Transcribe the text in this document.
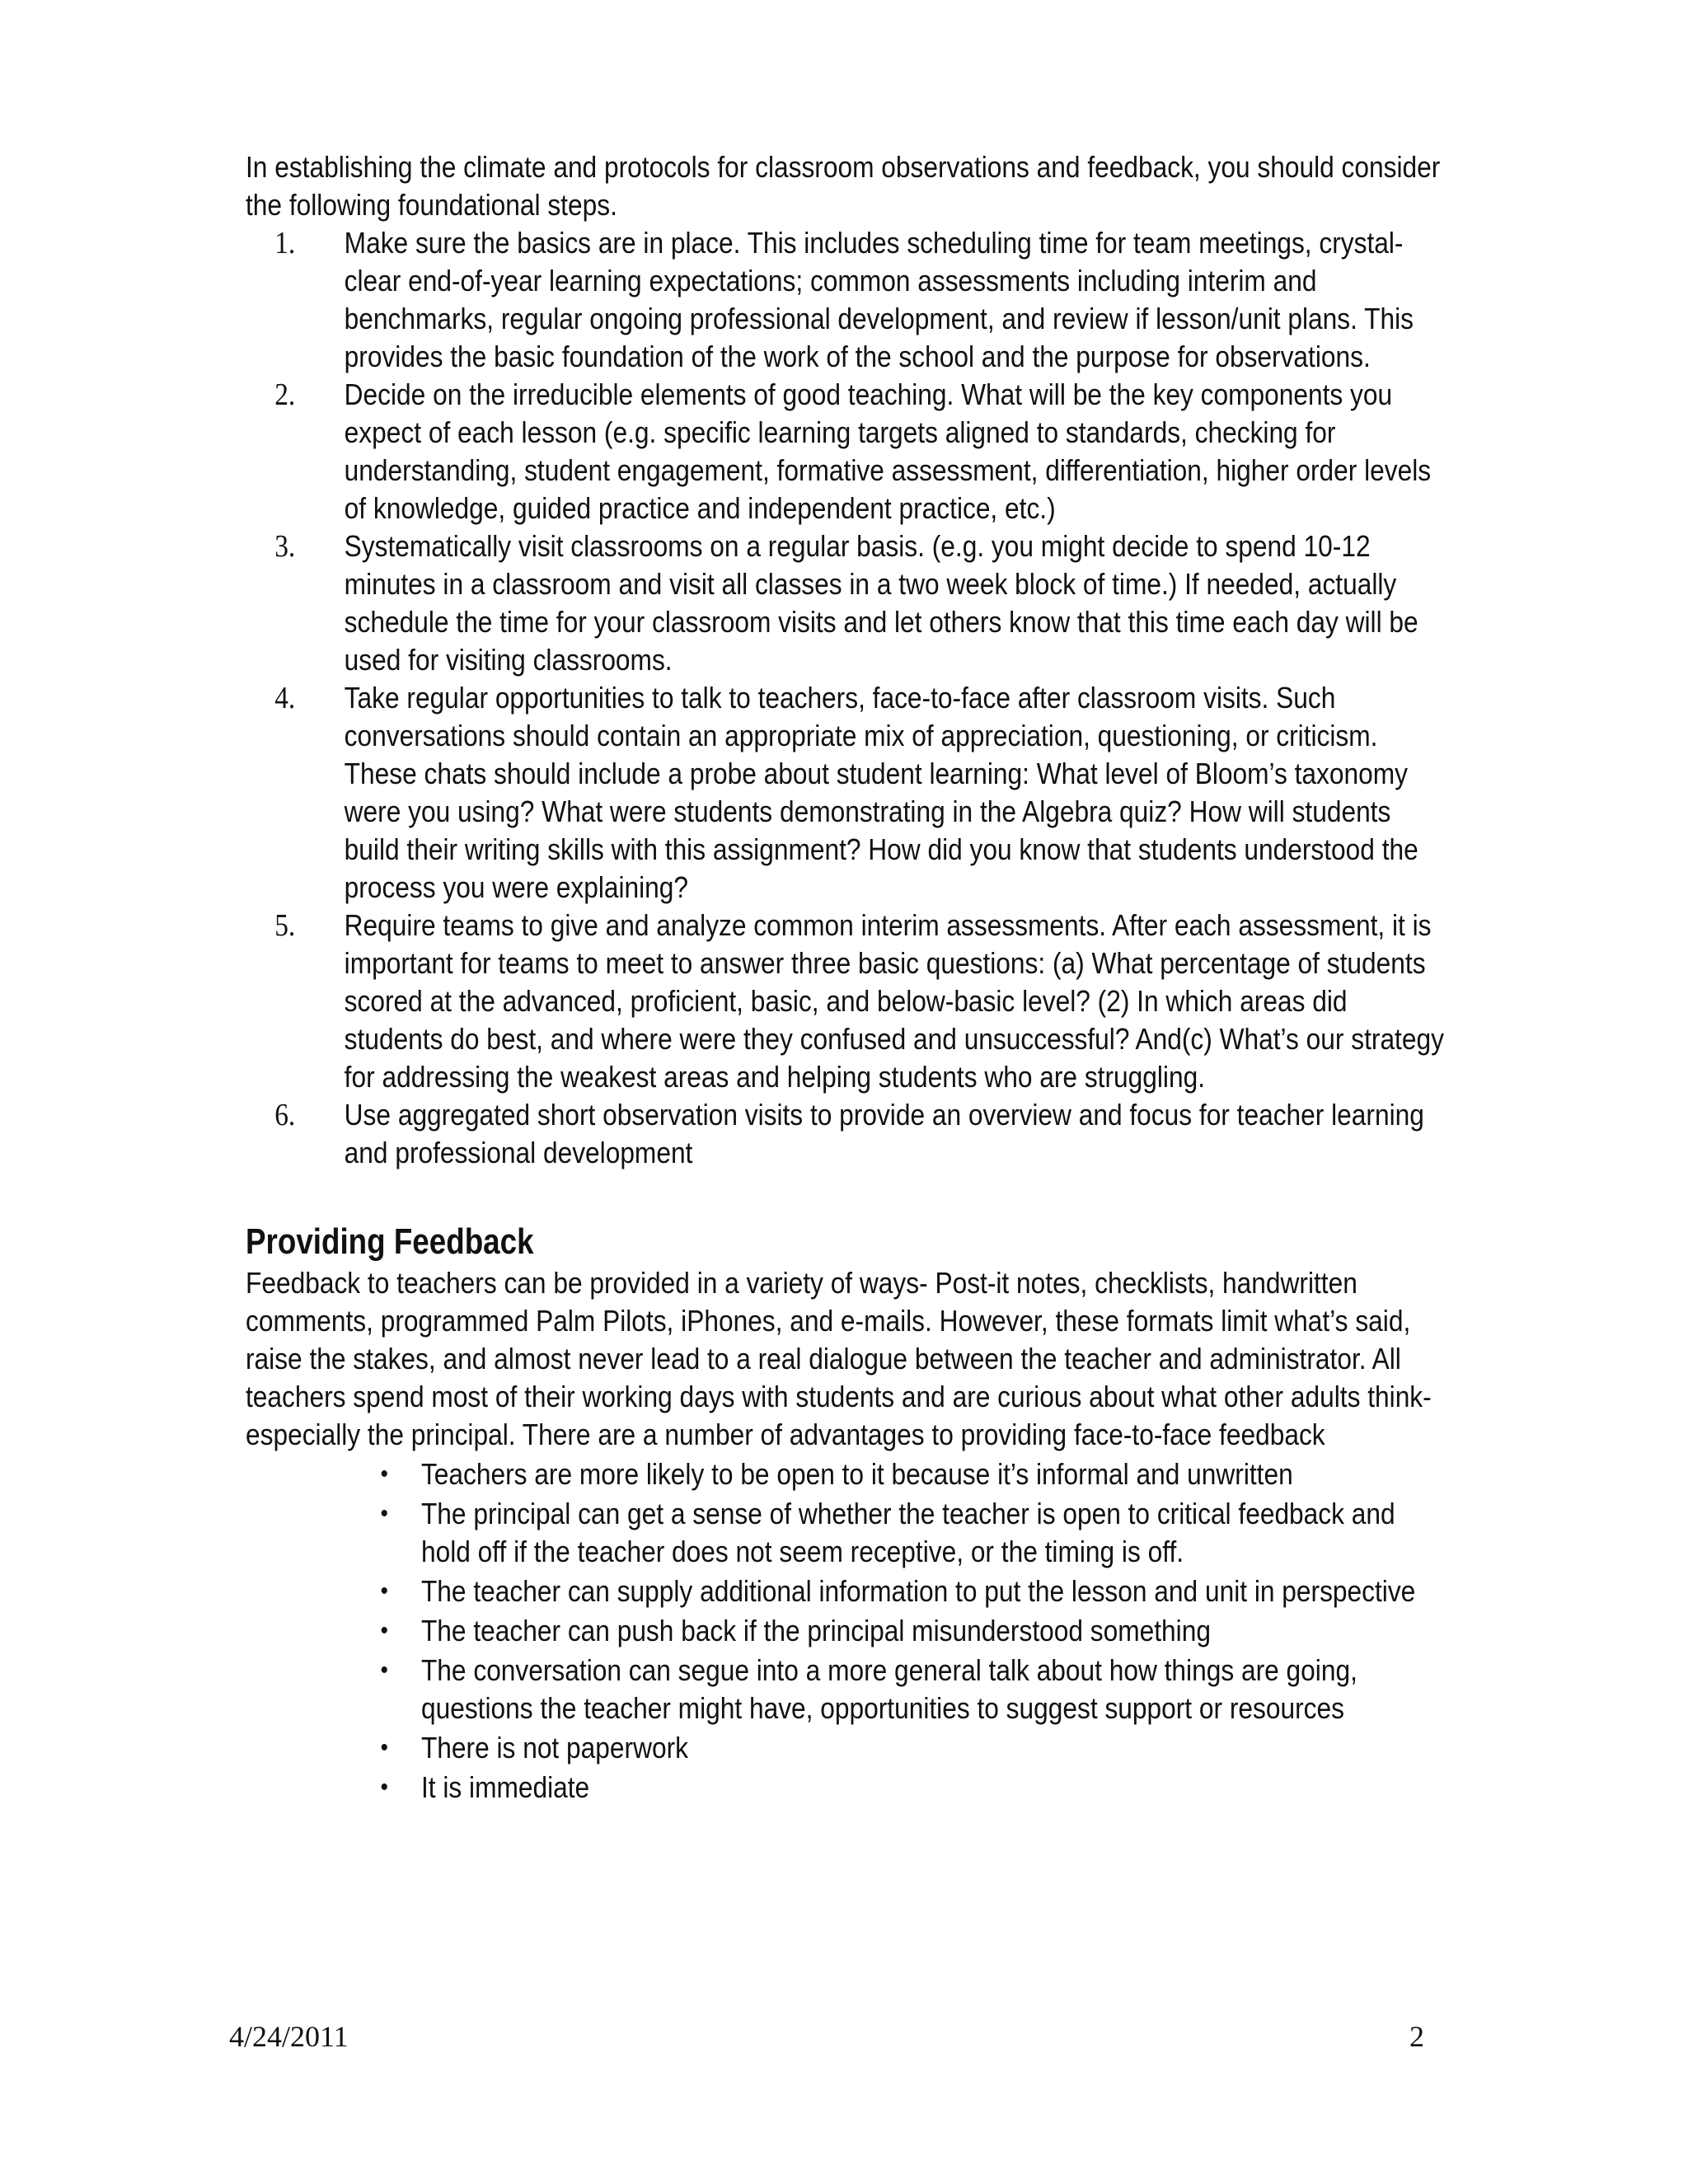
In establishing the climate and protocols for classroom observations and feedback, you should consider the following foundational steps.

1.	Make sure the basics are in place. This includes scheduling time for team meetings, crystal-clear end-of-year learning expectations; common assessments including interim and benchmarks, regular ongoing professional development, and review if lesson/unit plans. This provides the basic foundation of the work of the school and the purpose for observations.
2.	Decide on the irreducible elements of good teaching. What will be the key components you expect of each lesson (e.g. specific learning targets aligned to standards, checking for understanding, student engagement, formative assessment, differentiation, higher order levels of knowledge, guided practice and independent practice, etc.)
3.	Systematically visit classrooms on a regular basis. (e.g. you might decide to spend 10-12 minutes in a classroom and visit all classes in a two week block of time.) If needed, actually schedule the time for your classroom visits and let others know that this time each day will be used for visiting classrooms.
4.	Take regular opportunities to talk to teachers, face-to-face after classroom visits. Such conversations should contain an appropriate mix of appreciation, questioning, or criticism. These chats should include a probe about student learning: What level of Bloom’s taxonomy were you using? What were students demonstrating in the Algebra quiz? How will students build their writing skills with this assignment? How did you know that students understood the process you were explaining?
5.	Require teams to give and analyze common interim assessments. After each assessment, it is important for teams to meet to answer three basic questions: (a) What percentage of students scored at the advanced, proficient, basic, and below-basic level? (2) In which areas did students do best, and where were they confused and unsuccessful? And(c) What’s our strategy for addressing the weakest areas and helping students who are struggling.
6.	Use aggregated short observation visits to provide an overview and focus for teacher learning and professional development
Providing Feedback

Feedback to teachers can be provided in a variety of ways- Post-it notes, checklists, handwritten comments, programmed Palm Pilots, iPhones, and e-mails. However, these formats limit what’s said, raise the stakes, and almost never lead to a real dialogue between the teacher and administrator. All teachers spend most of their working days with students and are curious about what other adults think-especially the principal. There are a number of advantages to providing face-to-face feedback

• Teachers are more likely to be open to it because it’s informal and unwritten
• The principal can get a sense of whether the teacher is open to critical feedback and hold off if the teacher does not seem receptive, or the timing is off.
• The teacher can supply additional information to put the lesson and unit in perspective
• The teacher can push back if the principal misunderstood something
• The conversation can segue into a more general talk about how things are going, questions the teacher might have, opportunities to suggest support or resources
• There is not paperwork
• It is immediate
4/24/2011	2
